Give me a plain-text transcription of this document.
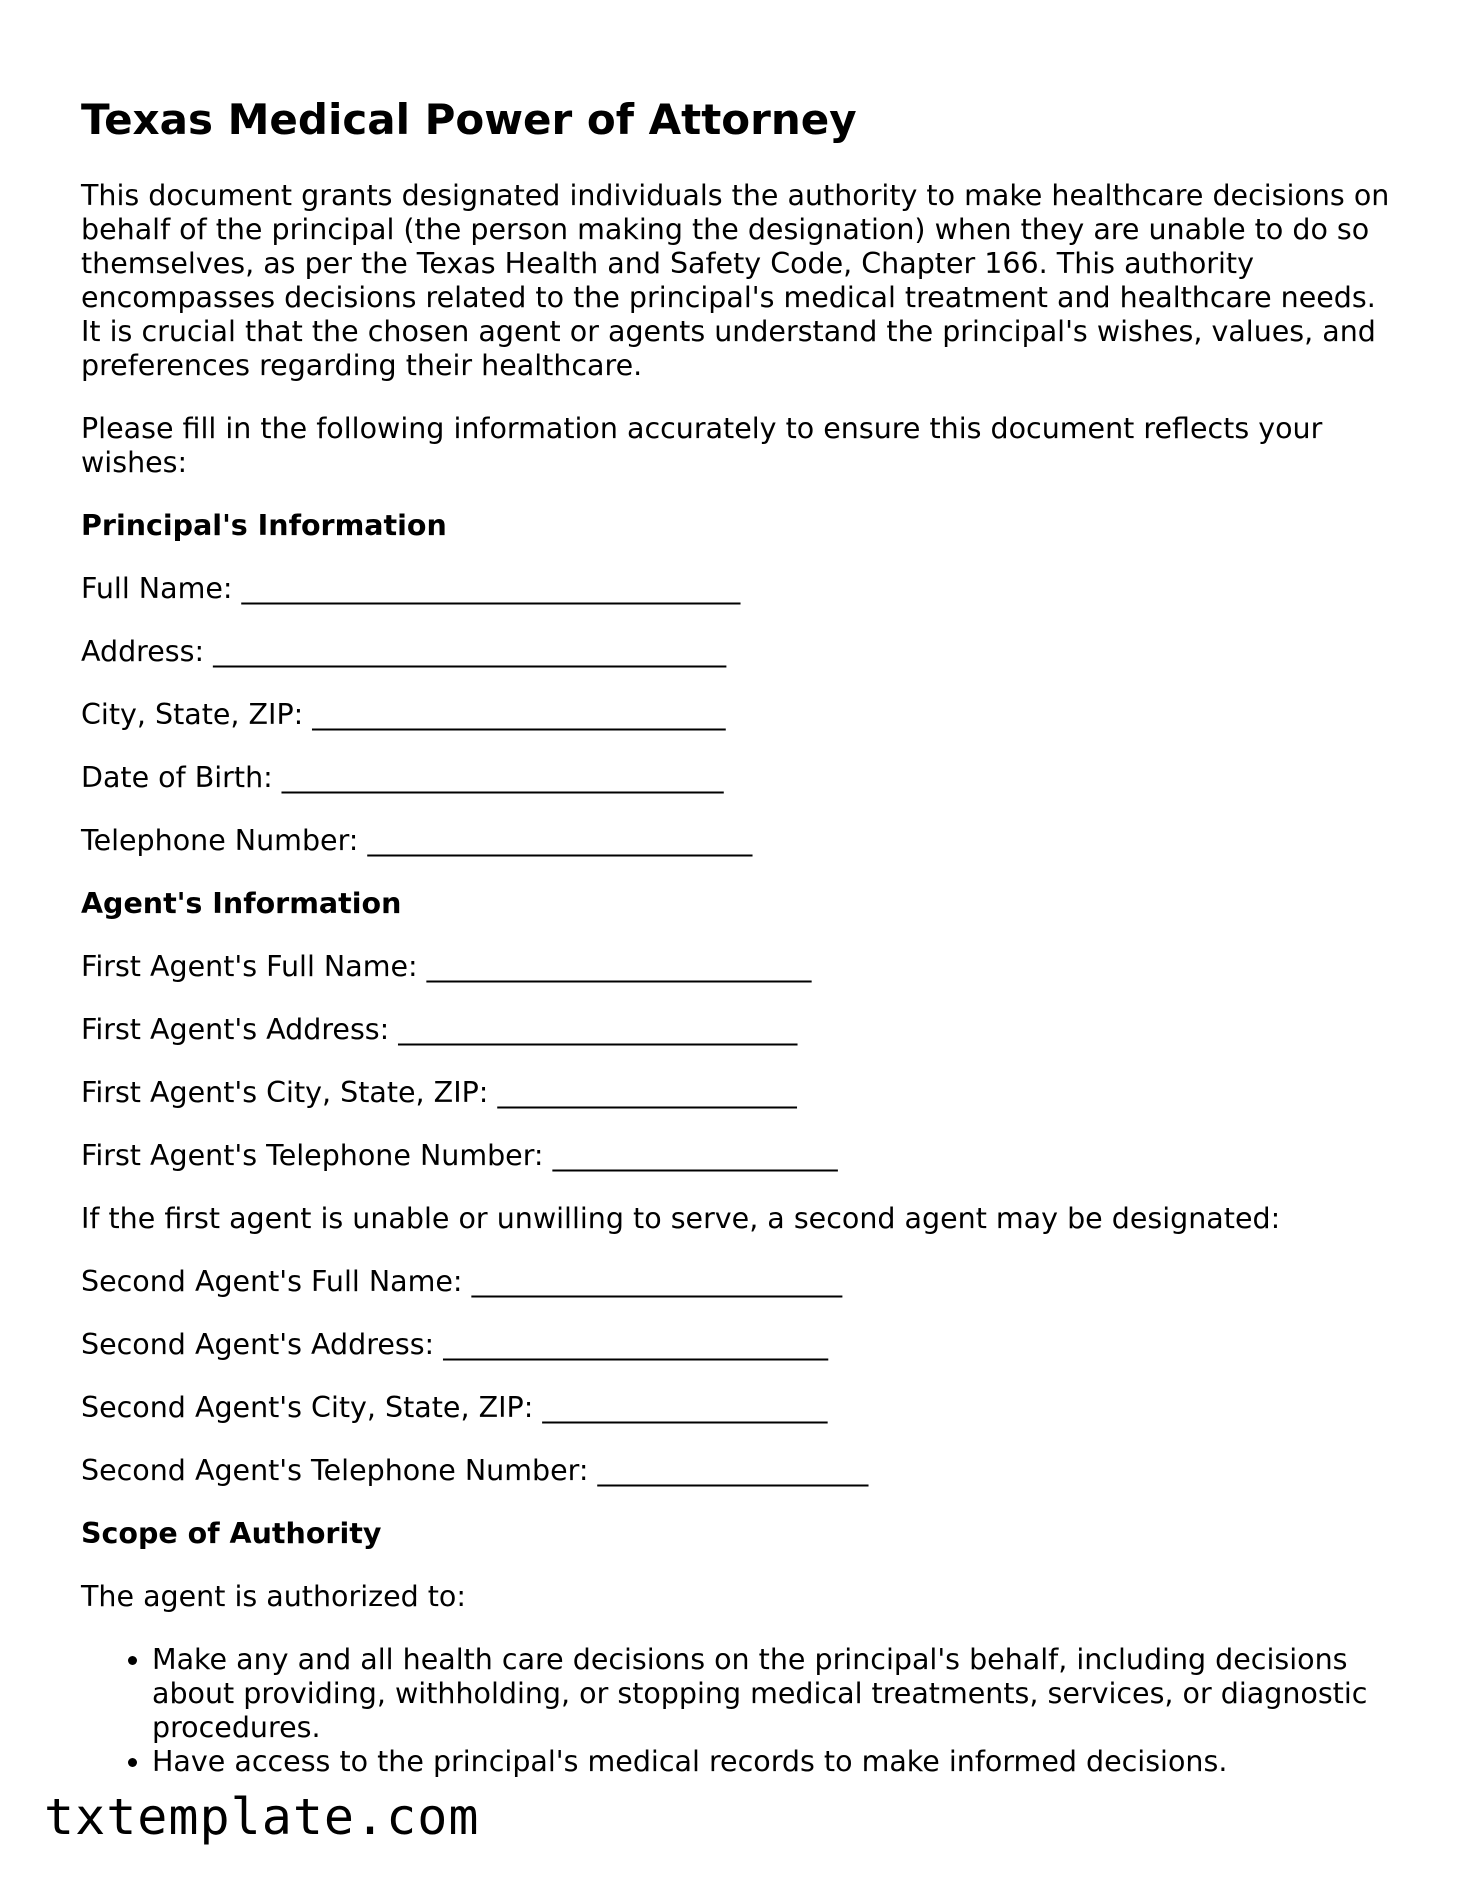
Texas Medical Power of Attorney

This document grants designated individuals the authority to make healthcare decisions on behalf of the principal (the person making the designation) when they are unable to do so themselves, as per the Texas Health and Safety Code, Chapter 166. This authority encompasses decisions related to the principal's medical treatment and healthcare needs. It is crucial that the chosen agent or agents understand the principal's wishes, values, and preferences regarding their healthcare.

Please fill in the following information accurately to ensure this document reflects your wishes:

Principal's Information
Full Name: ___________________________________
Address: ____________________________________
City, State, ZIP: _____________________________
Date of Birth: _______________________________
Telephone Number: ___________________________
Agent's Information
First Agent's Full Name: ___________________________
First Agent's Address: ____________________________
First Agent's City, State, ZIP: _____________________
First Agent's Telephone Number: ____________________

If the first agent is unable or unwilling to serve, a second agent may be designated:

Second Agent's Full Name: __________________________
Second Agent's Address: ___________________________
Second Agent's City, State, ZIP: ____________________
Second Agent's Telephone Number: ___________________
Scope of Authority

The agent is authorized to:

• Make any and all health care decisions on the principal's behalf, including decisions about providing, withholding, or stopping medical treatments, services, or diagnostic procedures.
• Have access to the principal's medical records to make informed decisions.
txtemplate.com
